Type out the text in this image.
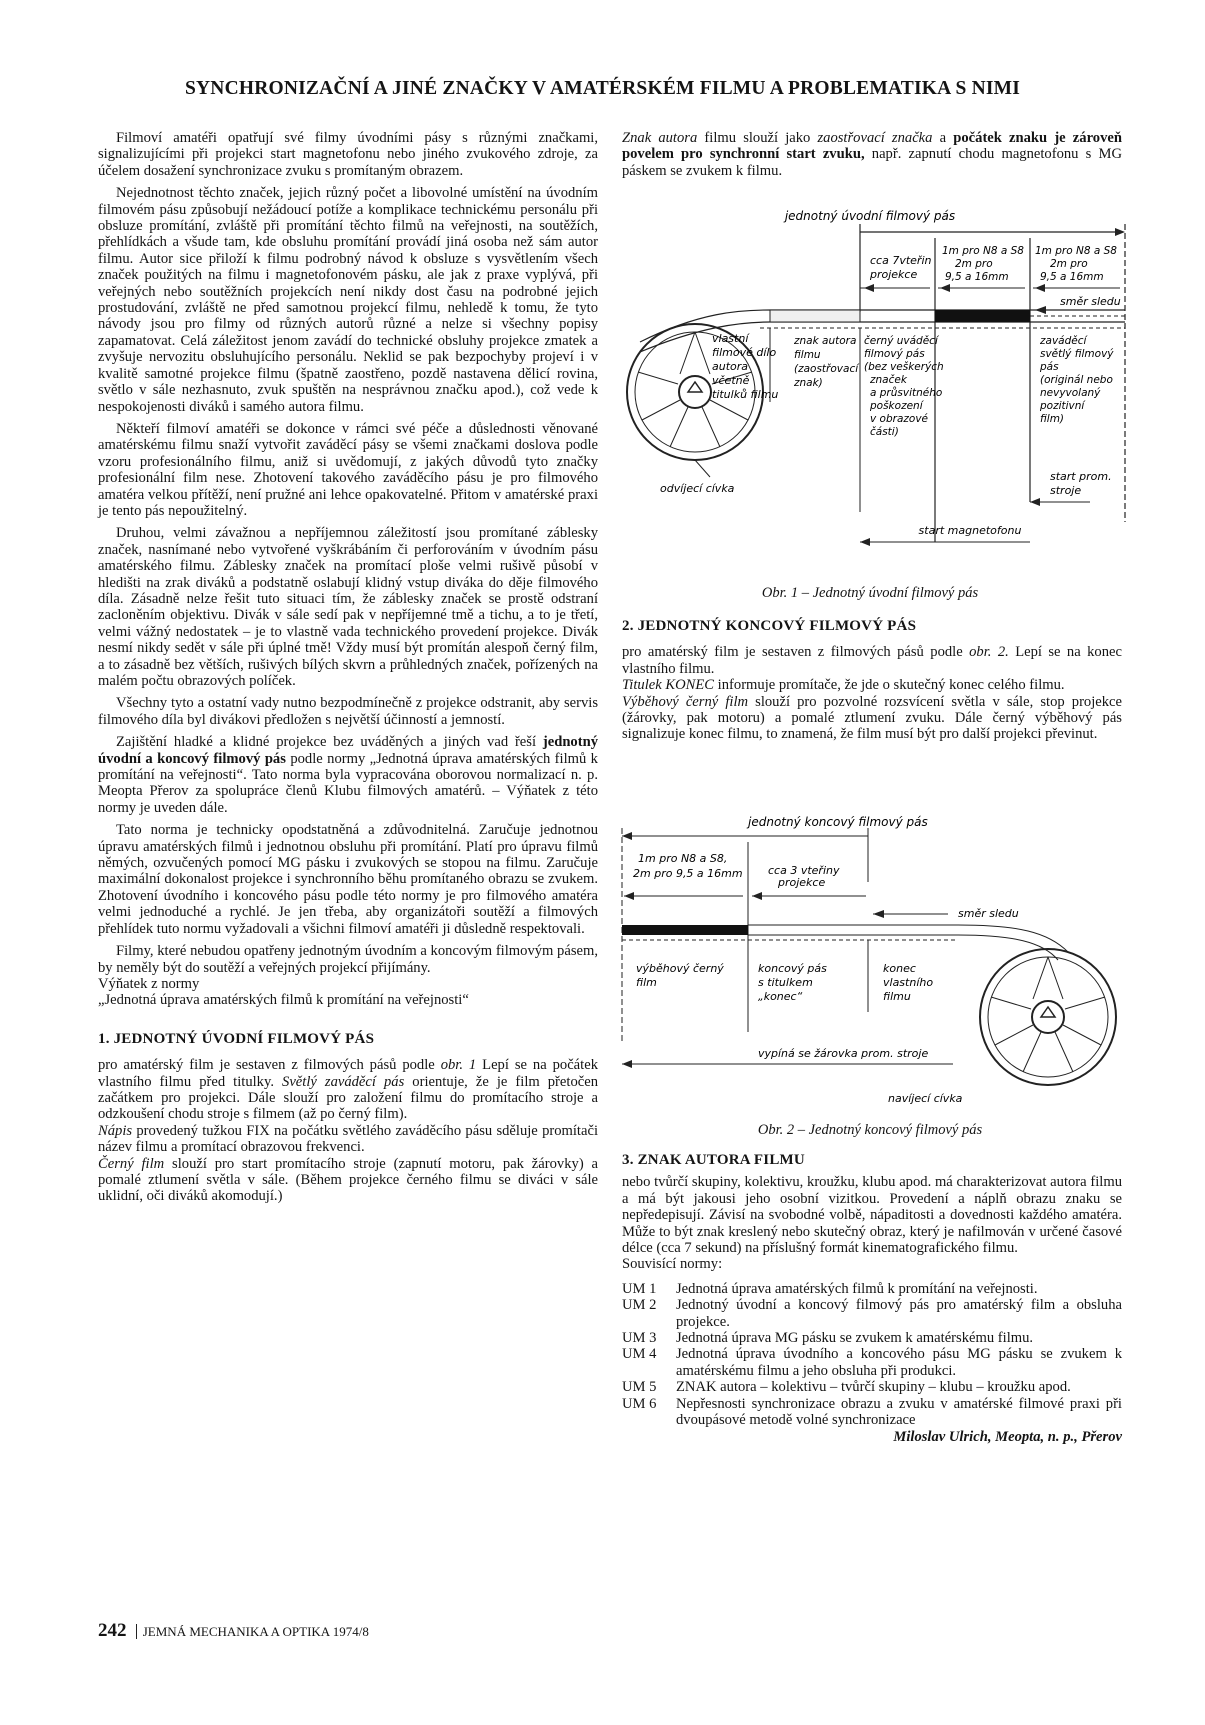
SYNCHRONIZAČNÍ A JINÉ ZNAČKY V AMATÉRSKÉM FILMU A PROBLEMATIKA S NIMI

Filmoví amatéři opatřují své filmy úvodními pásy s různými značkami, signalizujícími při projekci start magnetofonu nebo jiného zvukového zdroje, za účelem dosažení synchronizace zvuku s promítaným obrazem.

Nejednotnost těchto značek, jejich různý počet a libovolné umístění na úvodním filmovém pásu způsobují nežádoucí potíže a komplikace technickému personálu při obsluze promítání, zvláště při promítání těchto filmů na veřejnosti, na soutěžích, přehlídkách a všude tam, kde obsluhu promítání provádí jiná osoba než sám autor filmu. Autor sice přiloží k filmu podrobný návod k obsluze s vysvětlením všech značek použitých na filmu i magnetofonovém pásku, ale jak z praxe vyplývá, při veřejných nebo soutěžních projekcích není nikdy dost času na podrobné jejich prostudování, zvláště ne před samotnou projekcí filmu, nehledě k tomu, že tyto návody jsou pro filmy od různých autorů různé a nelze si všechny popisy zapamatovat. Celá záležitost jenom zavádí do technické obsluhy projekce zmatek a zvyšuje nervozitu obsluhujícího personálu. Neklid se pak bezpochyby projeví i v kvalitě samotné projekce filmu (špatně zaostřeno, pozdě nastavena dělicí rovina, světlo v sále nezhasnuto, zvuk spuštěn na nesprávnou značku apod.), což vede k nespokojenosti diváků i samého autora filmu.

Někteří filmoví amatéři se dokonce v rámci své péče a důslednosti věnované amatérskému filmu snaží vytvořit zaváděcí pásy se všemi značkami doslova podle vzoru profesionálního filmu, aniž si uvědomují, z jakých důvodů tyto značky profesionální film nese. Zhotovení takového zaváděcího pásu je pro filmového amatéra velkou přítěží, není pružné ani lehce opakovatelné. Přitom v amatérské praxi je tento pás nepoužitelný.

Druhou, velmi závažnou a nepříjemnou záležitostí jsou promítané záblesky značek, nasnímané nebo vytvořené vyškrábáním či perforováním v úvodním pásu amatérského filmu. Záblesky značek na promítací ploše velmi rušivě působí v hledišti na zrak diváků a podstatně oslabují klidný vstup diváka do děje filmového díla. Zásadně nelze řešit tuto situaci tím, že záblesky značek se prostě odstraní zacloněním objektivu. Divák v sále sedí pak v nepříjemné tmě a tichu, a to je třetí, velmi vážný nedostatek – je to vlastně vada technického provedení projekce. Divák nesmí nikdy sedět v sále při úplné tmě! Vždy musí být promítán alespoň černý film, a to zásadně bez větších, rušivých bílých skvrn a průhledných značek, pořízených na malém počtu obrazových políček.

Všechny tyto a ostatní vady nutno bezpodmínečně z projekce odstranit, aby servis filmového díla byl divákovi předložen s největší účinností a jemností.

Zajištění hladké a klidné projekce bez uváděných a jiných vad řeší jednotný úvodní a koncový filmový pás podle normy „Jednotná úprava amatérských filmů k promítání na veřejnosti“. Tato norma byla vypracována oborovou normalizací n. p. Meopta Přerov za spolupráce členů Klubu filmových amatérů. – Výňatek z této normy je uveden dále.

Tato norma je technicky opodstatněná a zdůvodnitelná. Zaručuje jednotnou úpravu amatérských filmů i jednotnou obsluhu při promítání. Platí pro úpravu filmů němých, ozvučených pomocí MG pásku i zvukových se stopou na filmu. Zaručuje maximální dokonalost projekce i synchronního běhu promítaného obrazu se zvukem. Zhotovení úvodního i koncového pásu podle této normy je pro filmového amatéra velmi jednoduché a rychlé. Je jen třeba, aby organizátoři soutěží a filmových přehlídek tuto normu vyžadovali a všichni filmoví amatéři ji důsledně respektovali.

Filmy, které nebudou opatřeny jednotným úvodním a koncovým filmovým pásem, by neměly být do soutěží a veřejných projekcí přijímány.

Výňatek z normy

„Jednotná úprava amatérských filmů k promítání na veřejnosti“

1. JEDNOTNÝ ÚVODNÍ FILMOVÝ PÁS

pro amatérský film je sestaven z filmových pásů podle obr. 1 Lepí se na počátek vlastního filmu před titulky. Světlý zaváděcí pás orientuje, že je film přetočen začátkem pro projekci. Dále slouží pro založení filmu do promítacího stroje a odzkoušení chodu stroje s filmem (až po černý film).

Nápis provedený tužkou FIX na počátku světlého zaváděcího pásu sděluje promítači název filmu a promítací obrazovou frekvenci.

Černý film slouží pro start promítacího stroje (zapnutí motoru, pak žárovky) a pomalé ztlumení světla v sále. (Během projekce černého filmu se diváci v sále uklidní, oči diváků akomodují.)

Znak autora filmu slouží jako zaostřovací značka a počátek znaku je zároveň povelem pro synchronní start zvuku, např. zapnutí chodu magnetofonu s MG páskem se zvukem k filmu.

jednotný úvodní filmový pás
cca 7vteřin projekce
1m pro N8 a S8 2m pro 9,5 a 16mm
1m pro N8 a S8 2m pro 9,5 a 16mm
směr sledu
odvíjecí cívka
vlastní filmové dílo autora včetně titulků filmu
znak autora filmu (zaostřovací znak)
černý uváděcí filmový pás (bez veškerých značek a průsvitného poškození v obrazové části)
zaváděcí světlý filmový pás (originál nebo nevyvolaný pozitivní film)
start prom. stroje
start magnetofonu
Obr. 1 – Jednotný úvodní filmový pás
2. JEDNOTNÝ KONCOVÝ FILMOVÝ PÁS

pro amatérský film je sestaven z filmových pásů podle obr. 2. Lepí se na konec vlastního filmu.

Titulek KONEC informuje promítače, že jde o skutečný konec celého filmu.

Výběhový černý film slouží pro pozvolné rozsvícení světla v sále, stop projekce (žárovky, pak motoru) a pomalé ztlumení zvuku. Dále černý výběhový pás signalizuje konec filmu, to znamená, že film musí být pro další projekci převinut.

jednotný koncový filmový pás
1m pro N8 a S8, 2m pro 9,5 a 16mm cca 3 vteřiny projekce
směr sledu
výběhový černý film
koncový pás s titulkem „konec“
konec vlastního filmu
vypíná se žárovka prom. stroje
navíjecí cívka
Obr. 2 – Jednotný koncový filmový pás
3. ZNAK AUTORA FILMU

nebo tvůrčí skupiny, kolektivu, kroužku, klubu apod. má charakterizovat autora filmu a má být jakousi jeho osobní vizitkou. Provedení a náplň obrazu znaku se nepředepisují. Závisí na svobodné volbě, nápaditosti a dovednosti každého amatéra. Může to být znak kreslený nebo skutečný obraz, který je nafilmován v určené časové délce (cca 7 sekund) na příslušný formát kinematografického filmu.

Souvisící normy:

UM 1	Jednotná úprava amatérských filmů k promítání na veřejnosti.
UM 2	Jednotný úvodní a koncový filmový pás pro amatérský film a obsluha projekce.
UM 3	Jednotná úprava MG pásku se zvukem k amatérskému filmu.
UM 4	Jednotná úprava úvodního a koncového pásu MG pásku se zvukem k amatérskému filmu a jeho obsluha při produkci.
UM 5	ZNAK autora – kolektivu – tvůrčí skupiny – klubu – kroužku apod.
UM 6	Nepřesnosti synchronizace obrazu a zvuku v amatérské filmové praxi při dvoupásové metodě volné synchronizace
Miloslav Ulrich, Meopta, n. p., Přerov
242 JEMNÁ MECHANIKA A OPTIKA 1974/8
